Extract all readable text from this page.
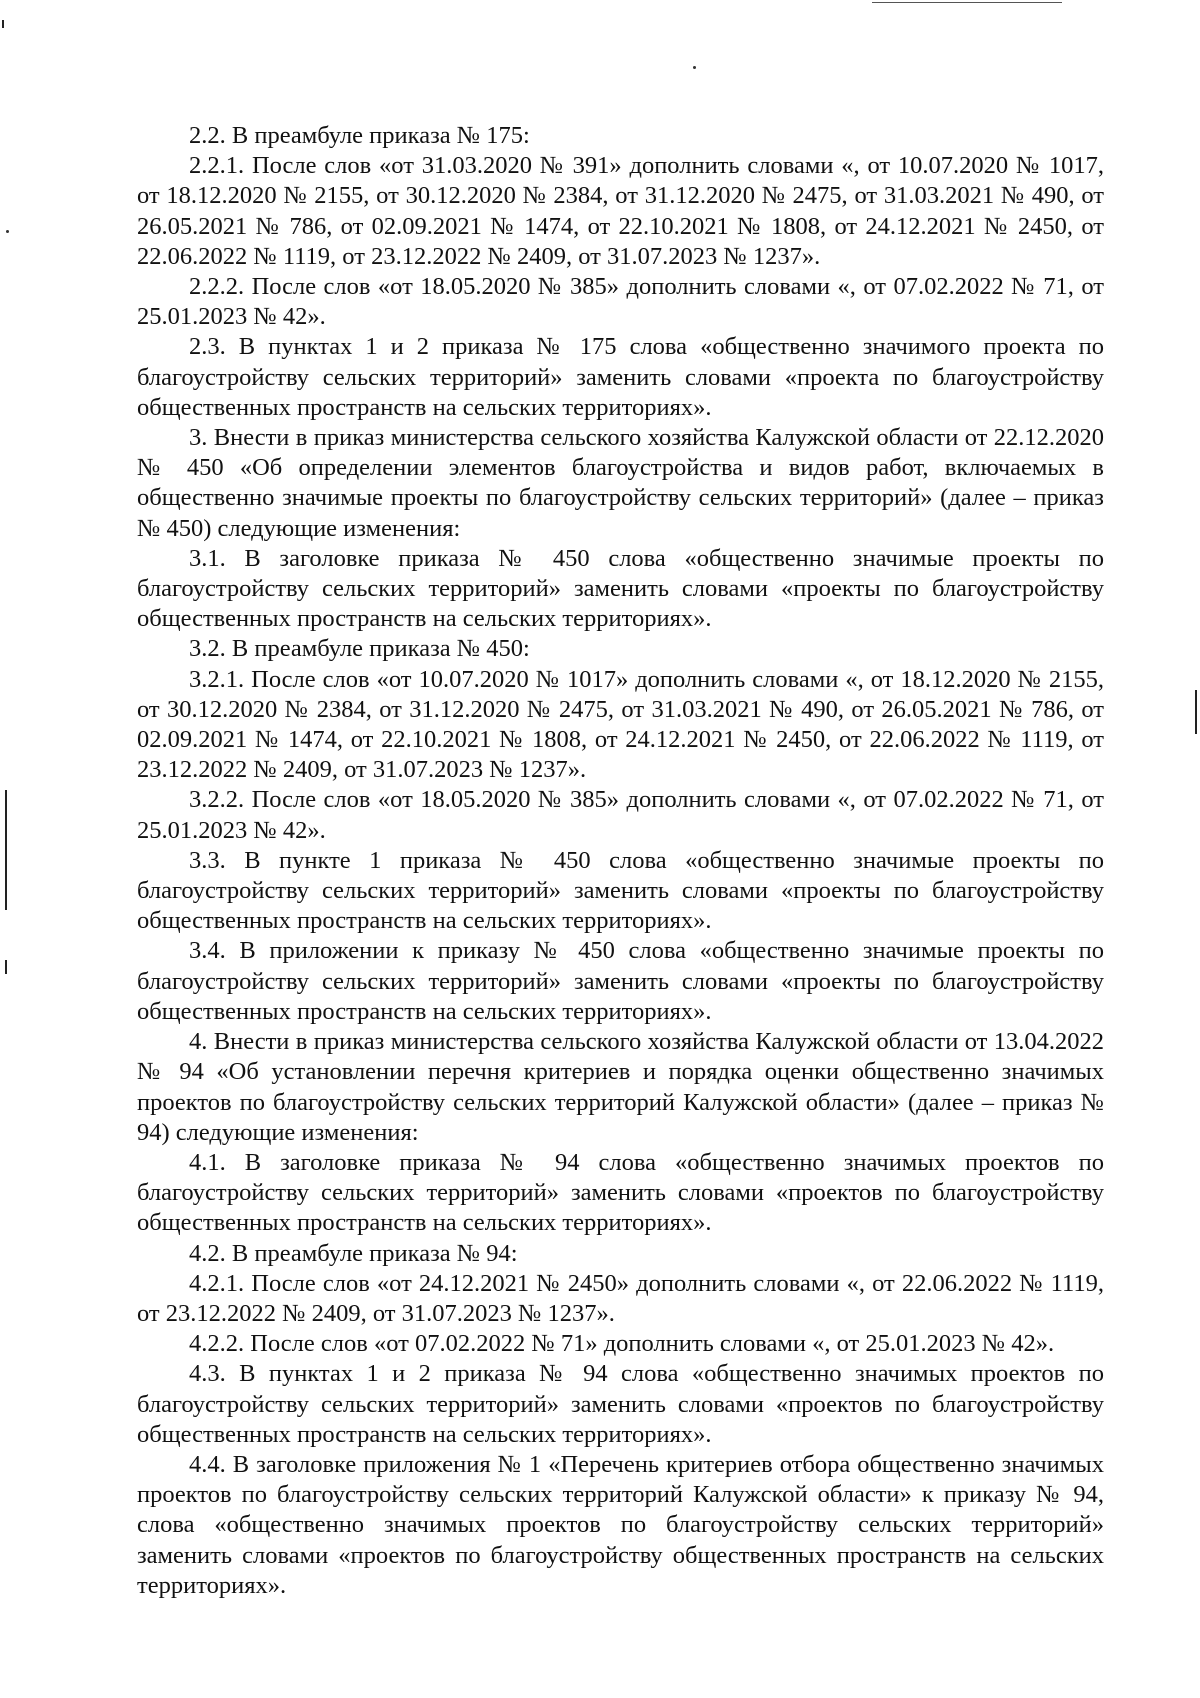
2.2. В преамбуле приказа № 175:

2.2.1. После слов «от 31.03.2020 № 391» дополнить словами «, от 10.07.2020 № 1017, от 18.12.2020 № 2155, от 30.12.2020 № 2384, от 31.12.2020 № 2475, от 31.03.2021 № 490, от 26.05.2021 № 786, от 02.09.2021 № 1474, от 22.10.2021 № 1808, от 24.12.2021 № 2450, от 22.06.2022 № 1119, от 23.12.2022 № 2409, от 31.07.2023 № 1237».

2.2.2. После слов «от 18.05.2020 № 385» дополнить словами «, от 07.02.2022 № 71, от 25.01.2023 № 42».

2.3. В пунктах 1 и 2 приказа № 175 слова «общественно значимого проекта по благоустройству сельских территорий» заменить словами «проекта по благоустройству общественных пространств на сельских территориях».

3. Внести в приказ министерства сельского хозяйства Калужской области от 22.12.2020 № 450 «Об определении элементов благоустройства и видов работ, включаемых в общественно значимые проекты по благоустройству сельских территорий» (далее – приказ № 450) следующие изменения:

3.1. В заголовке приказа № 450 слова «общественно значимые проекты по благоустройству сельских территорий» заменить словами «проекты по благоустройству общественных пространств на сельских территориях».

3.2. В преамбуле приказа № 450:

3.2.1. После слов «от 10.07.2020 № 1017» дополнить словами «, от 18.12.2020 № 2155, от 30.12.2020 № 2384, от 31.12.2020 № 2475, от 31.03.2021 № 490, от 26.05.2021 № 786, от 02.09.2021 № 1474, от 22.10.2021 № 1808, от 24.12.2021 № 2450, от 22.06.2022 № 1119, от 23.12.2022 № 2409, от 31.07.2023 № 1237».

3.2.2. После слов «от 18.05.2020 № 385» дополнить словами «, от 07.02.2022 № 71, от 25.01.2023 № 42».

3.3. В пункте 1 приказа № 450 слова «общественно значимые проекты по благоустройству сельских территорий» заменить словами «проекты по благоустройству общественных пространств на сельских территориях».

3.4. В приложении к приказу № 450 слова «общественно значимые проекты по благоустройству сельских территорий» заменить словами «проекты по благоустройству общественных пространств на сельских территориях».

4. Внести в приказ министерства сельского хозяйства Калужской области от 13.04.2022 № 94 «Об установлении перечня критериев и порядка оценки общественно значимых проектов по благоустройству сельских территорий Калужской области» (далее – приказ № 94) следующие изменения:

4.1. В заголовке приказа № 94 слова «общественно значимых проектов по благоустройству сельских территорий» заменить словами «проектов по благоустройству общественных пространств на сельских территориях».

4.2. В преамбуле приказа № 94:

4.2.1. После слов «от 24.12.2021 № 2450» дополнить словами «, от 22.06.2022 № 1119, от 23.12.2022 № 2409, от 31.07.2023 № 1237».

4.2.2. После слов «от 07.02.2022 № 71» дополнить словами «, от 25.01.2023 № 42».

4.3. В пунктах 1 и 2 приказа № 94 слова «общественно значимых проектов по благоустройству сельских территорий» заменить словами «проектов по благоустройству общественных пространств на сельских территориях».

4.4. В заголовке приложения № 1 «Перечень критериев отбора общественно значимых проектов по благоустройству сельских территорий Калужской области» к приказу № 94, слова «общественно значимых проектов по благоустройству сельских территорий» заменить словами «проектов по благоустройству общественных пространств на сельских территориях».
